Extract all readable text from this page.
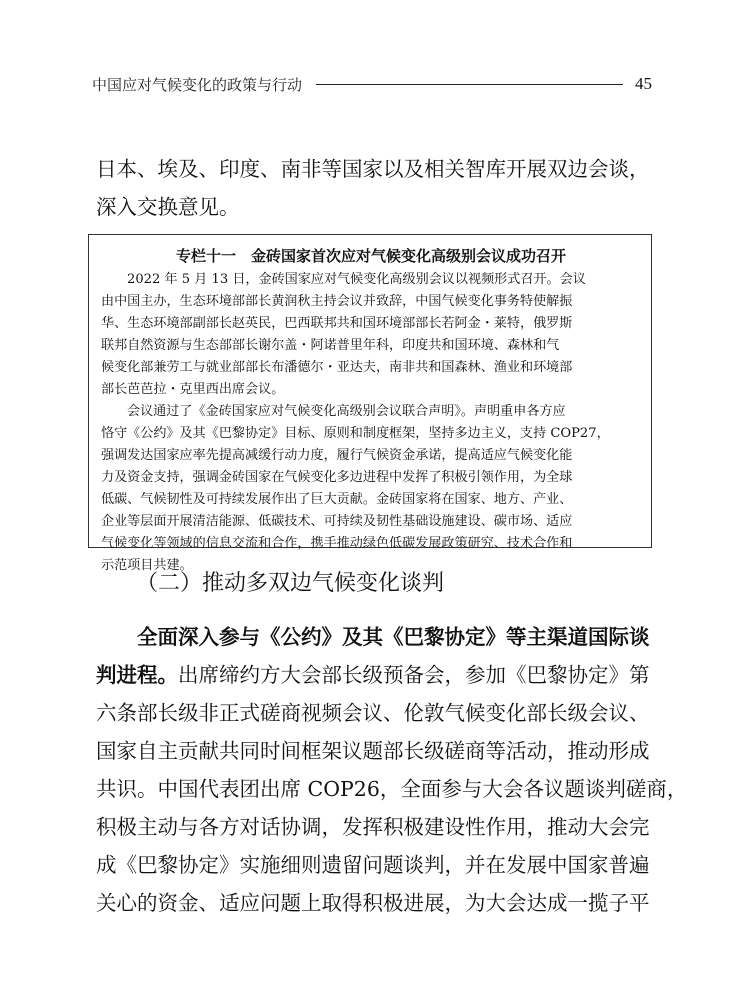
中国应对气候变化的政策与行动	45
日本、埃及、印度、南非等国家以及相关智库开展双边会谈，
深入交换意见。
专栏十一　金砖国家首次应对气候变化高级别会议成功召开
2022 年 5 月 13 日，金砖国家应对气候变化高级别会议以视频形式召开。会议
由中国主办，生态环境部部长黄润秋主持会议并致辞，中国气候变化事务特使解振
华、生态环境部副部长赵英民，巴西联邦共和国环境部部长若阿金・莱特，俄罗斯
联邦自然资源与生态部部长谢尔盖・阿诺普里年科，印度共和国环境、森林和气
候变化部兼劳工与就业部部长布潘德尔・亚达夫，南非共和国森林、渔业和环境部
部长芭芭拉・克里西出席会议。
会议通过了《金砖国家应对气候变化高级别会议联合声明》。声明重申各方应
恪守《公约》及其《巴黎协定》目标、原则和制度框架，坚持多边主义，支持 COP27，
强调发达国家应率先提高减缓行动力度，履行气候资金承诺，提高适应气候变化能
力及资金支持，强调金砖国家在气候变化多边进程中发挥了积极引领作用，为全球
低碳、气候韧性及可持续发展作出了巨大贡献。金砖国家将在国家、地方、产业、
企业等层面开展清洁能源、低碳技术、可持续及韧性基础设施建设、碳市场、适应
气候变化等领域的信息交流和合作，携手推动绿色低碳发展政策研究、技术合作和
示范项目共建。
（二）推动多双边气候变化谈判
全面深入参与《公约》及其《巴黎协定》等主渠道国际谈
判进程。出席缔约方大会部长级预备会，参加《巴黎协定》第
六条部长级非正式磋商视频会议、伦敦气候变化部长级会议、
国家自主贡献共同时间框架议题部长级磋商等活动，推动形成
共识。中国代表团出席 COP26，全面参与大会各议题谈判磋商，
积极主动与各方对话协调，发挥积极建设性作用，推动大会完
成《巴黎协定》实施细则遗留问题谈判，并在发展中国家普遍
关心的资金、适应问题上取得积极进展，为大会达成一揽子平
